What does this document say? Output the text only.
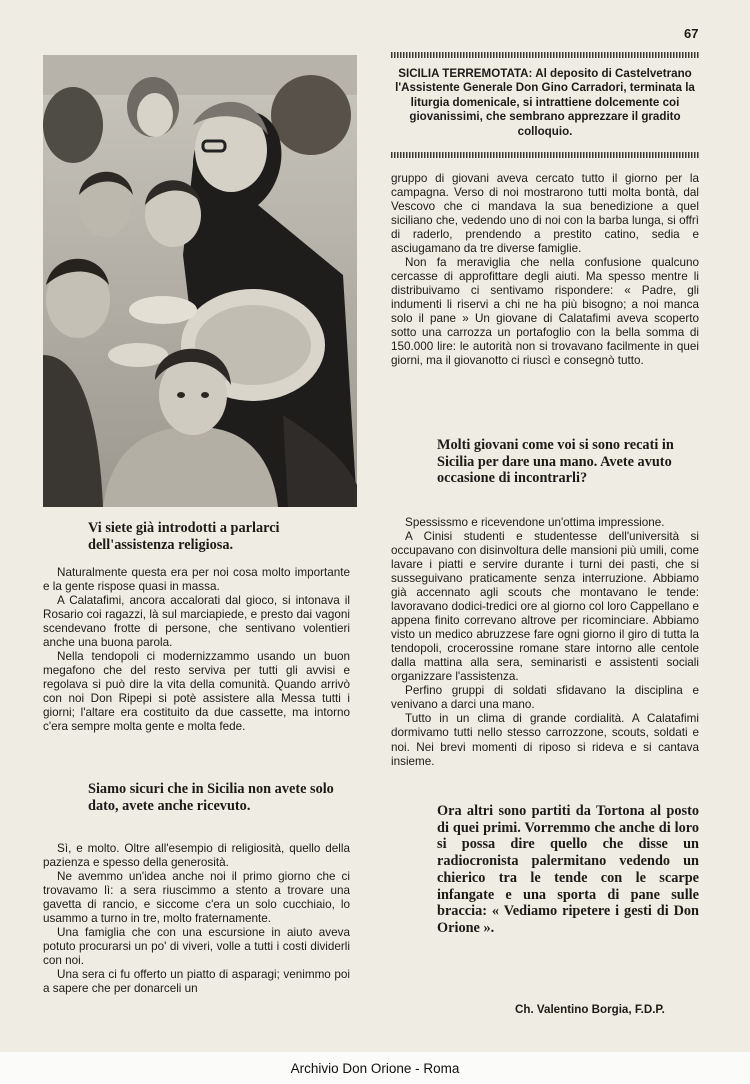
67
SICILIA TERREMOTATA: Al deposito di Castelvetrano l'Assistente Generale Don Gino Carradori, terminata la liturgia domenicale, si intrattiene dolcemente coi giovanissimi, che sembrano apprezzare il gradito colloquio.

Vi siete già introdotti a parlarci dell'assistenza religiosa.

Naturalmente questa era per noi cosa molto importante e la gente rispose quasi in massa.

A Calatafimi, ancora accalorati dal gioco, si intonava il Rosario coi ragazzi, là sul marciapiede, e presto dai vagoni scendevano frotte di persone, che sentivano volentieri anche una buona parola.

Nella tendopoli ci modernizzammo usando un buon megafono che del resto serviva per tutti gli avvisi e regolava si può dire la vita della comunità. Quando arrivò con noi Don Ripepi si potè assistere alla Messa tutti i giorni; l'altare era costituito da due cassette, ma intorno c'era sempre molta gente e molta fede.

Siamo sicuri che in Sicilia non avete solo dato, avete anche ricevuto.

Sì, e molto. Oltre all'esempio di religiosità, quello della pazienza e spesso della generosità.

Ne avemmo un'idea anche noi il primo giorno che ci trovavamo lì: a sera riuscimmo a stento a trovare una gavetta di rancio, e siccome c'era un solo cucchiaio, lo usammo a turno in tre, molto fraternamente.

Una famiglia che con una escursione in aiuto aveva potuto procurarsi un po' di viveri, volle a tutti i costi dividerli con noi.

Una sera ci fu offerto un piatto di asparagi; venimmo poi a sapere che per donarceli un

gruppo di giovani aveva cercato tutto il giorno per la campagna. Verso di noi mostrarono tutti molta bontà, dal Vescovo che ci mandava la sua benedizione a quel siciliano che, vedendo uno di noi con la barba lunga, si offrì di raderlo, prendendo a prestito catino, sedia e asciugamano da tre diverse famiglie.

Non fa meraviglia che nella confusione qualcuno cercasse di approfittare degli aiuti. Ma spesso mentre li distribuivamo ci sentivamo rispondere: « Padre, gli indumenti li riservi a chi ne ha più bisogno; a noi manca solo il pane » Un giovane di Calatafimi aveva scoperto sotto una carrozza un portafoglio con la bella somma di 150.000 lire: le autorità non si trovavano facilmente in quei giorni, ma il giovanotto ci riuscì e consegnò tutto.

Molti giovani come voi si sono recati in Sicilia per dare una mano. Avete avuto occasione di incontrarli?

Spessissmo e ricevendone un'ottima impressione.

A Cinisi studenti e studentesse dell'università si occupavano con disinvoltura delle mansioni più umili, come lavare i piatti e servire durante i turni dei pasti, che si susseguivano praticamente senza interruzione. Abbiamo già accennato agli scouts che montavano le tende: lavoravano dodici-tredici ore al giorno col loro Cappellano e appena finito correvano altrove per ricominciare. Abbiamo visto un medico abruzzese fare ogni giorno il giro di tutta la tendopoli, crocerossine romane stare intorno alle centole dalla mattina alla sera, seminaristi e assistenti sociali organizzare l'assistenza.

Perfino gruppi di soldati sfidavano la disciplina e venivano a darci una mano.

Tutto in un clima di grande cordialità. A Calatafimi dormivamo tutti nello stesso carrozzone, scouts, soldati e noi. Nei brevi momenti di riposo si rideva e si cantava insieme.

Ora altri sono partiti da Tortona al posto di quei primi. Vorremmo che anche di loro si possa dire quello che disse un radiocronista palermitano vedendo un chierico tra le tende con le scarpe infangate e una sporta di pane sulle braccia: « Vediamo ripetere i gesti di Don Orione ».

Ch. Valentino Borgia, F.D.P.
Archivio Don Orione - Roma
